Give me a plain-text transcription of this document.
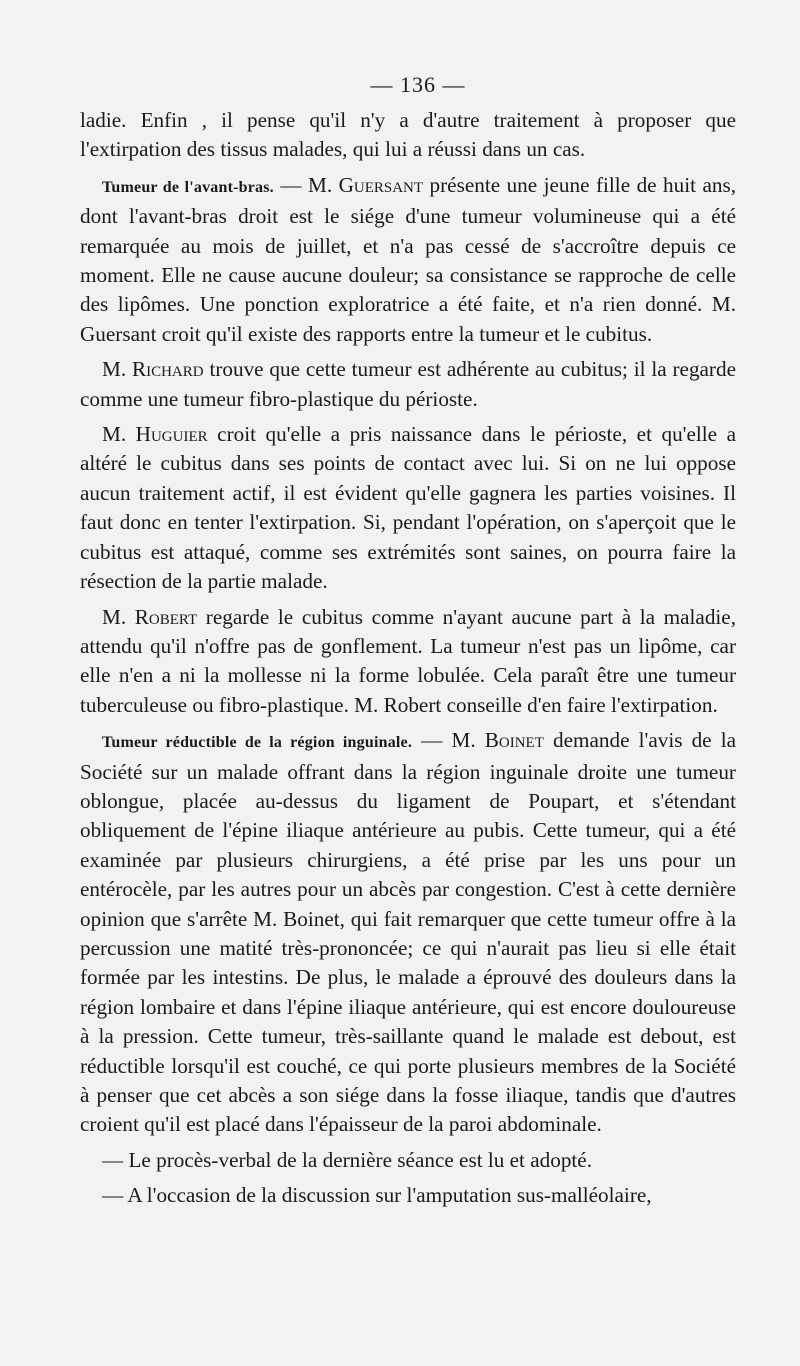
— 136 —

ladie. Enfin , il pense qu'il n'y a d'autre traitement à proposer que l'extirpation des tissus malades, qui lui a réussi dans un cas.

Tumeur de l'avant-bras. — M. Guersant présente une jeune fille de huit ans, dont l'avant-bras droit est le siége d'une tumeur volumineuse qui a été remarquée au mois de juillet, et n'a pas cessé de s'accroître depuis ce moment. Elle ne cause aucune douleur; sa consistance se rapproche de celle des lipômes. Une ponction exploratrice a été faite, et n'a rien donné. M. Guersant croit qu'il existe des rapports entre la tumeur et le cubitus.

M. Richard trouve que cette tumeur est adhérente au cubitus; il la regarde comme une tumeur fibro-plastique du périoste.

M. Huguier croit qu'elle a pris naissance dans le périoste, et qu'elle a altéré le cubitus dans ses points de contact avec lui. Si on ne lui oppose aucun traitement actif, il est évident qu'elle gagnera les parties voisines. Il faut donc en tenter l'extirpation. Si, pendant l'opération, on s'aperçoit que le cubitus est attaqué, comme ses extrémités sont saines, on pourra faire la résection de la partie malade.

M. Robert regarde le cubitus comme n'ayant aucune part à la maladie, attendu qu'il n'offre pas de gonflement. La tumeur n'est pas un lipôme, car elle n'en a ni la mollesse ni la forme lobulée. Cela paraît être une tumeur tuberculeuse ou fibro-plastique. M. Robert conseille d'en faire l'extirpation.

Tumeur réductible de la région inguinale. — M. Boinet demande l'avis de la Société sur un malade offrant dans la région inguinale droite une tumeur oblongue, placée au-dessus du ligament de Poupart, et s'étendant obliquement de l'épine iliaque antérieure au pubis. Cette tumeur, qui a été examinée par plusieurs chirurgiens, a été prise par les uns pour un entérocèle, par les autres pour un abcès par congestion. C'est à cette dernière opinion que s'arrête M. Boinet, qui fait remarquer que cette tumeur offre à la percussion une matité très-prononcée; ce qui n'aurait pas lieu si elle était formée par les intestins. De plus, le malade a éprouvé des douleurs dans la région lombaire et dans l'épine iliaque antérieure, qui est encore douloureuse à la pression. Cette tumeur, très-saillante quand le malade est debout, est réductible lorsqu'il est couché, ce qui porte plusieurs membres de la Société à penser que cet abcès a son siége dans la fosse iliaque, tandis que d'autres croient qu'il est placé dans l'épaisseur de la paroi abdominale.

— Le procès-verbal de la dernière séance est lu et adopté.

— A l'occasion de la discussion sur l'amputation sus-malléolaire,
